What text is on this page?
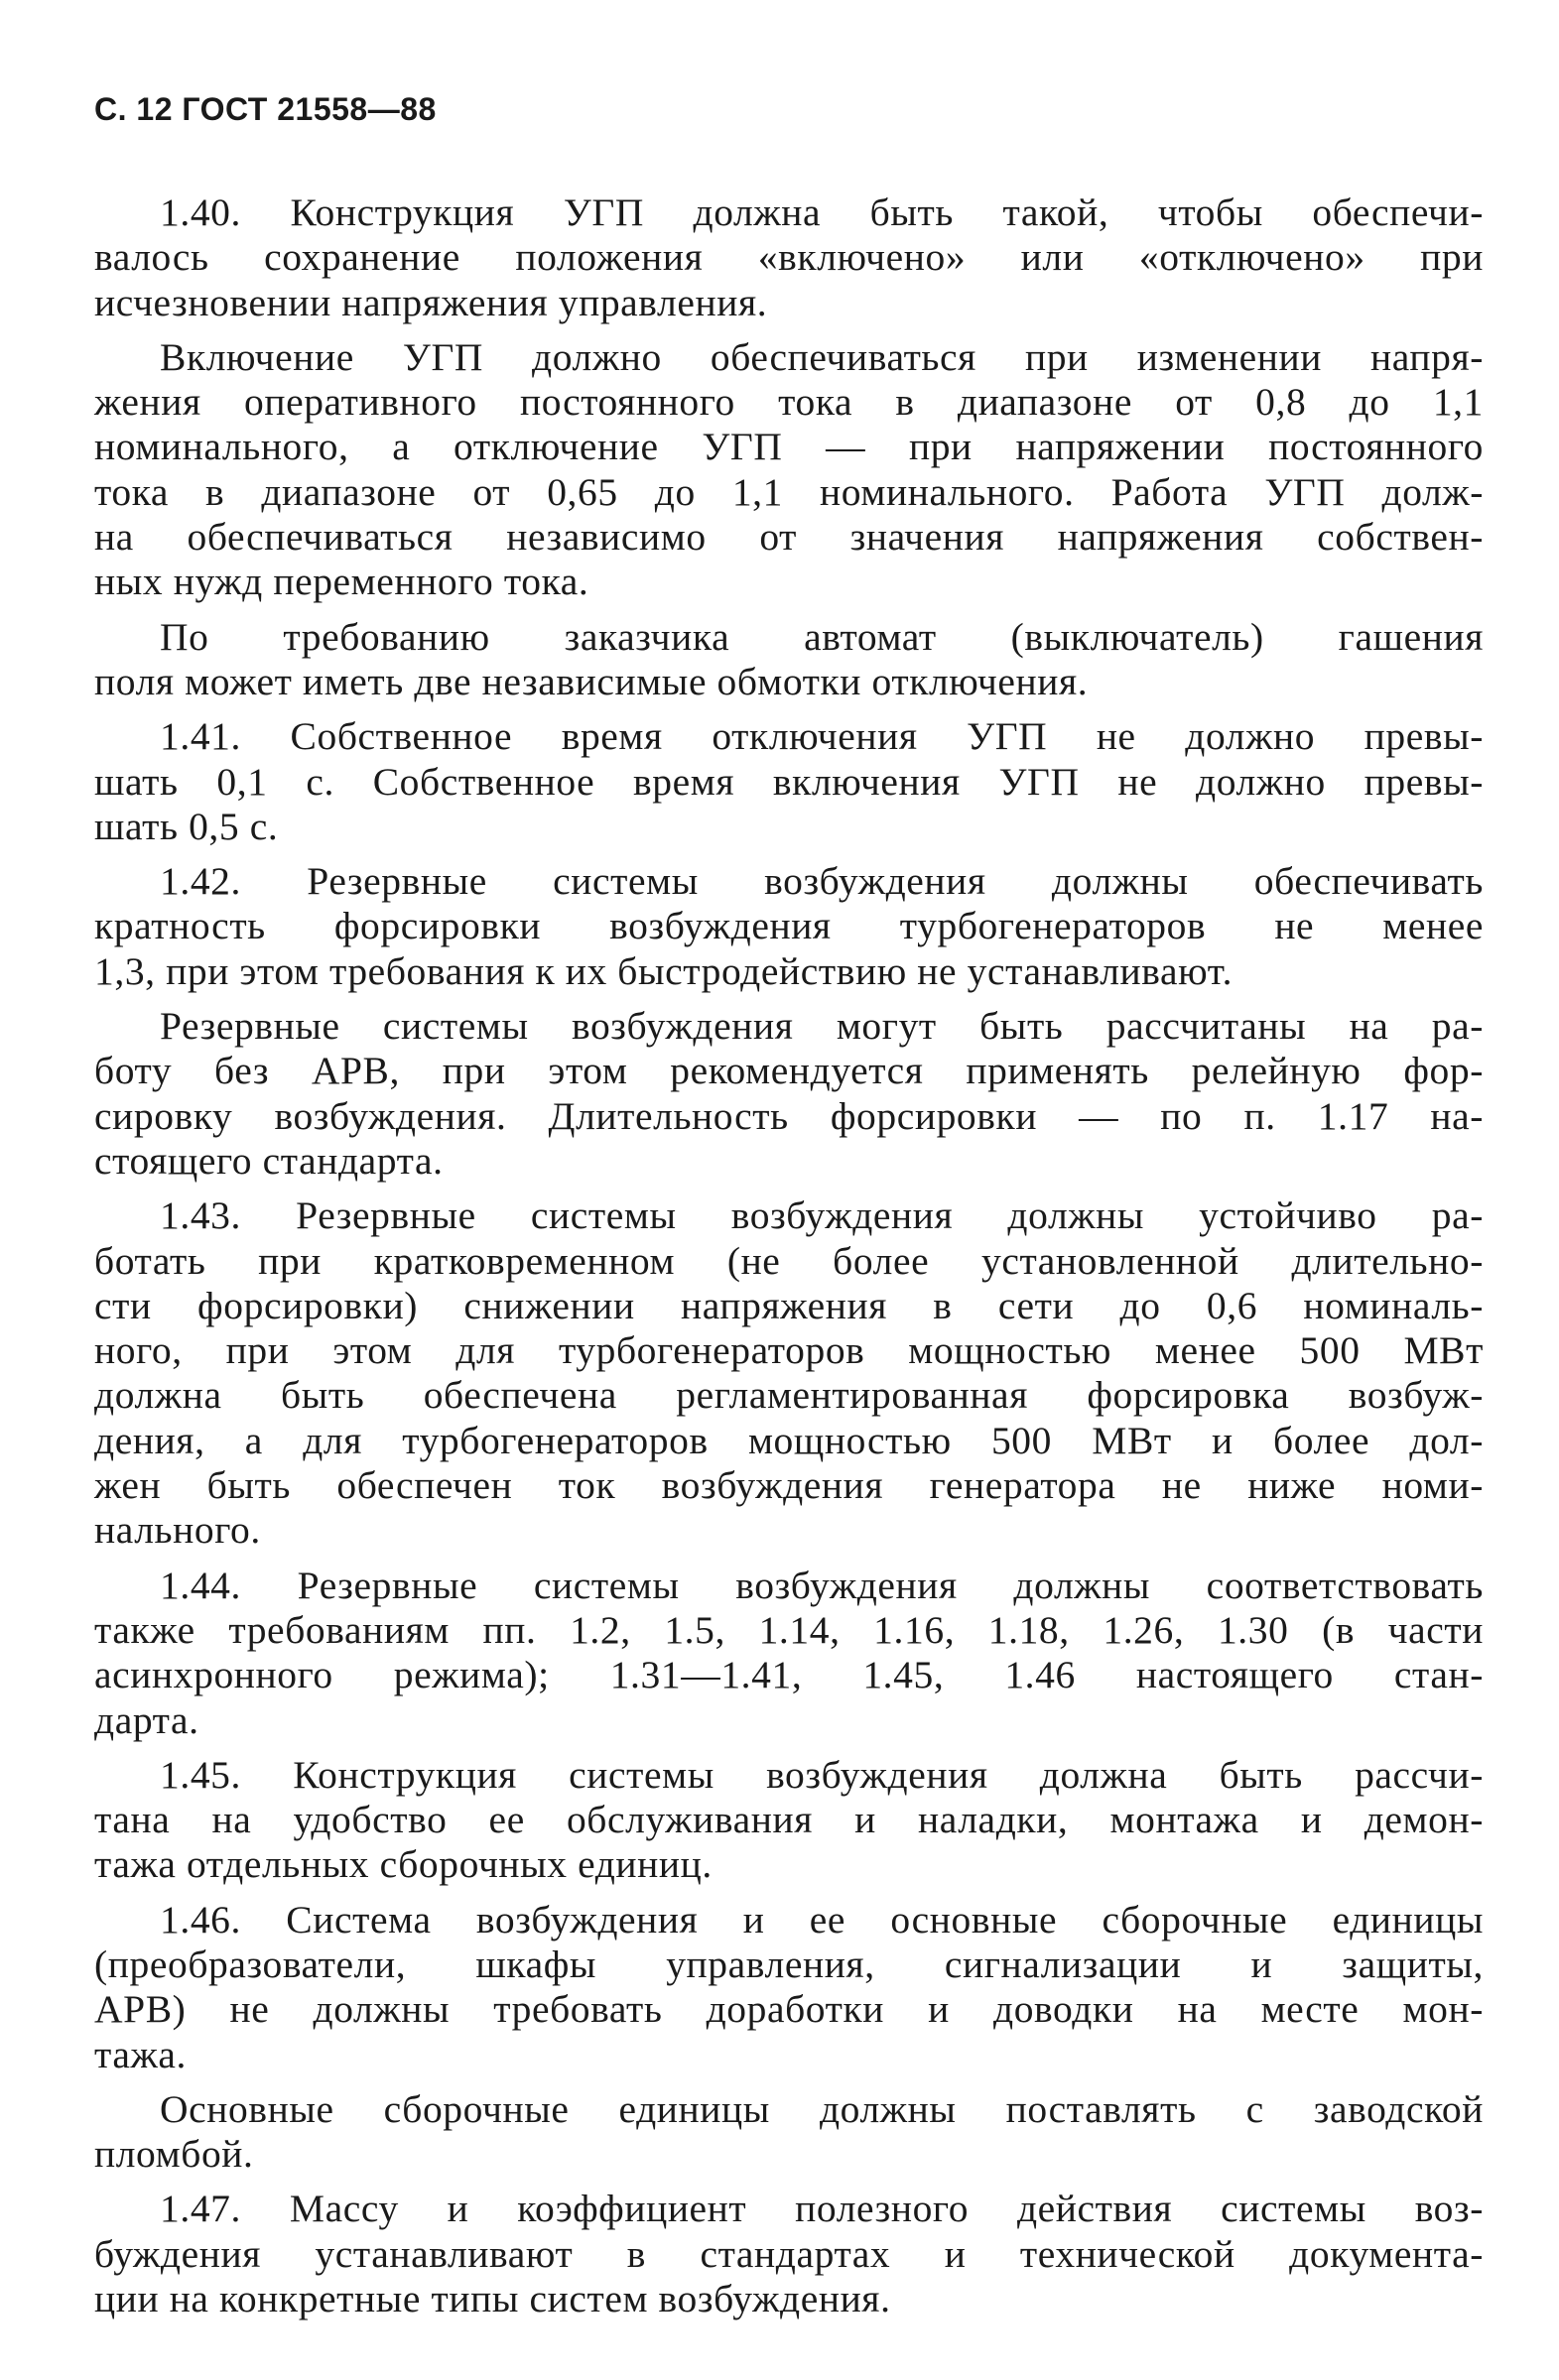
С. 12 ГОСТ 21558—88
1.40. Конструкция УГП должна быть такой, чтобы обеспечи-
валось сохранение положения «включено» или «отключено» при
исчезновении напряжения управления.
Включение УГП должно обеспечиваться при изменении напря-
жения оперативного постоянного тока в диапазоне от 0,8 до 1,1
номинального, а отключение УГП — при напряжении постоянного
тока в диапазоне от 0,65 до 1,1 номинального. Работа УГП долж-
на обеспечиваться независимо от значения напряжения собствен-
ных нужд переменного тока.
По требованию заказчика автомат (выключатель) гашения
поля может иметь две независимые обмотки отключения.
1.41. Собственное время отключения УГП не должно превы-
шать 0,1 с. Собственное время включения УГП не должно превы-
шать 0,5 с.
1.42. Резервные системы возбуждения должны обеспечивать
кратность форсировки возбуждения турбогенераторов не менее
1,3, при этом требования к их быстродействию не устанавливают.
Резервные системы возбуждения могут быть рассчитаны на ра-
боту без АРВ, при этом рекомендуется применять релейную фор-
сировку возбуждения. Длительность форсировки — по п. 1.17 на-
стоящего стандарта.
1.43. Резервные системы возбуждения должны устойчиво ра-
ботать при кратковременном (не более установленной длительно-
сти форсировки) снижении напряжения в сети до 0,6 номиналь-
ного, при этом для турбогенераторов мощностью менее 500 МВт
должна быть обеспечена регламентированная форсировка возбуж-
дения, а для турбогенераторов мощностью 500 МВт и более дол-
жен быть обеспечен ток возбуждения генератора не ниже номи-
нального.
1.44. Резервные системы возбуждения должны соответствовать
также требованиям пп. 1.2, 1.5, 1.14, 1.16, 1.18, 1.26, 1.30 (в части
асинхронного режима); 1.31—1.41, 1.45, 1.46 настоящего стан-
дарта.
1.45. Конструкция системы возбуждения должна быть рассчи-
тана на удобство ее обслуживания и наладки, монтажа и демон-
тажа отдельных сборочных единиц.
1.46. Система возбуждения и ее основные сборочные единицы
(преобразователи, шкафы управления, сигнализации и защиты,
АРВ) не должны требовать доработки и доводки на месте мон-
тажа.
Основные сборочные единицы должны поставлять с заводской
пломбой.
1.47. Массу и коэффициент полезного действия системы воз-
буждения устанавливают в стандартах и технической документа-
ции на конкретные типы систем возбуждения.
